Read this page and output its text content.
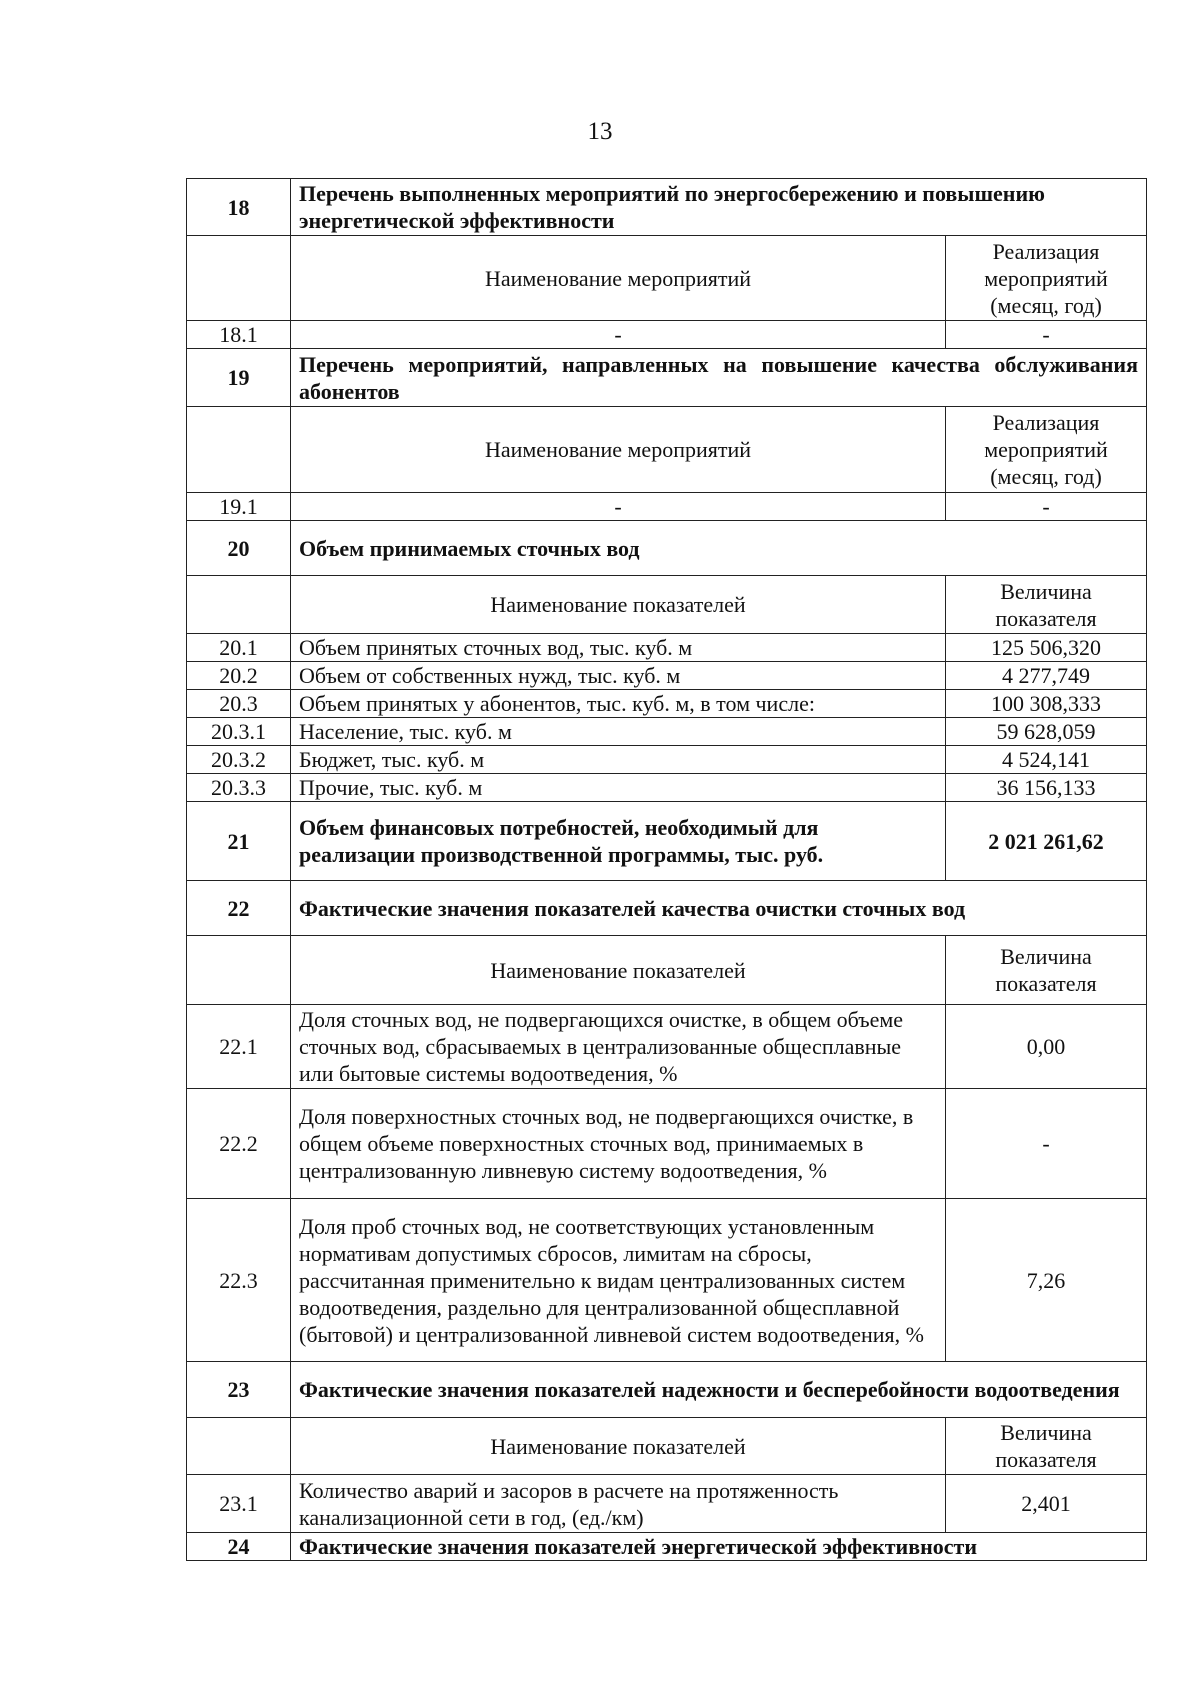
13
18	Перечень выполненных мероприятий по энергосбережению и повышению энергетической эффективности	
	Наименование мероприятий	Реализация мероприятий (месяц, год)
18.1	-	-
19	Перечень мероприятий, направленных на повышение качества обслуживания абонентов	
	Наименование мероприятий	Реализация мероприятий (месяц, год)
19.1	-	-
20	Объем принимаемых сточных вод	
	Наименование показателей	Величина показателя
20.1	Объем принятых сточных вод, тыс. куб. м	125 506,320
20.2	Объем от собственных нужд, тыс. куб. м	4 277,749
20.3	Объем принятых у абонентов, тыс. куб. м, в том числе:	100 308,333
20.3.1	Население, тыс. куб. м	59 628,059
20.3.2	Бюджет, тыс. куб. м	4 524,141
20.3.3	Прочие, тыс. куб. м	36 156,133
21	Объем финансовых потребностей, необходимый для реализации производственной программы, тыс. руб.	2 021 261,62
22	Фактические значения показателей качества очистки сточных вод	
	Наименование показателей	Величина показателя
22.1	Доля сточных вод, не подвергающихся очистке, в общем объеме сточных вод, сбрасываемых в централизованные общесплавные или бытовые системы водоотведения, %	0,00
22.2	Доля поверхностных сточных вод, не подвергающихся очистке, в общем объеме поверхностных сточных вод, принимаемых в централизованную ливневую систему водоотведения, %	-
22.3	Доля проб сточных вод, не соответствующих установленным нормативам допустимых сбросов, лимитам на сбросы, рассчитанная применительно к видам централизованных систем водоотведения, раздельно для централизованной общесплавной (бытовой) и централизованной ливневой систем водоотведения, %	7,26
23	Фактические значения показателей надежности и бесперебойности водоотведения	
	Наименование показателей	Величина показателя
23.1	Количество аварий и засоров в расчете на протяженность канализационной сети в год, (ед./км)	2,401
24	Фактические значения показателей энергетической эффективности	
